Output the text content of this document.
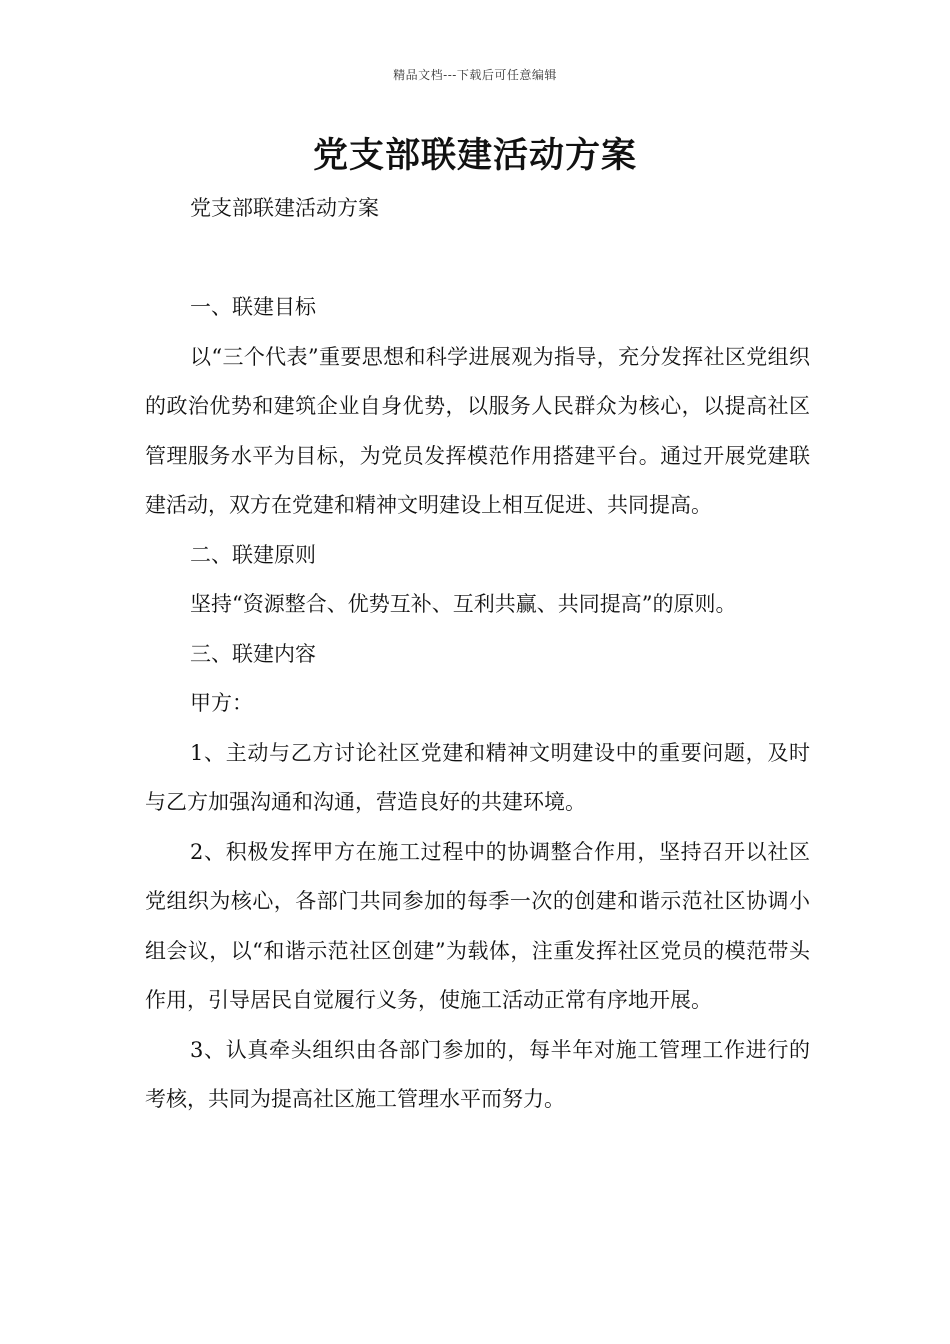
精品文档---下载后可任意编辑
党支部联建活动方案

党支部联建活动方案

一、联建目标

以“三个代表”重要思想和科学进展观为指导，充分发挥社区党组织的政治优势和建筑企业自身优势，以服务人民群众为核心，以提高社区管理服务水平为目标，为党员发挥模范作用搭建平台。通过开展党建联建活动，双方在党建和精神文明建设上相互促进、共同提高。

二、联建原则

坚持“资源整合、优势互补、互利共赢、共同提高”的原则。

三、联建内容

甲方：

1、主动与乙方讨论社区党建和精神文明建设中的重要问题，及时与乙方加强沟通和沟通，营造良好的共建环境。

2、积极发挥甲方在施工过程中的协调整合作用，坚持召开以社区党组织为核心，各部门共同参加的每季一次的创建和谐示范社区协调小组会议，以“和谐示范社区创建”为载体，注重发挥社区党员的模范带头作用，引导居民自觉履行义务，使施工活动正常有序地开展。

3、认真牵头组织由各部门参加的，每半年对施工管理工作进行的考核，共同为提高社区施工管理水平而努力。
